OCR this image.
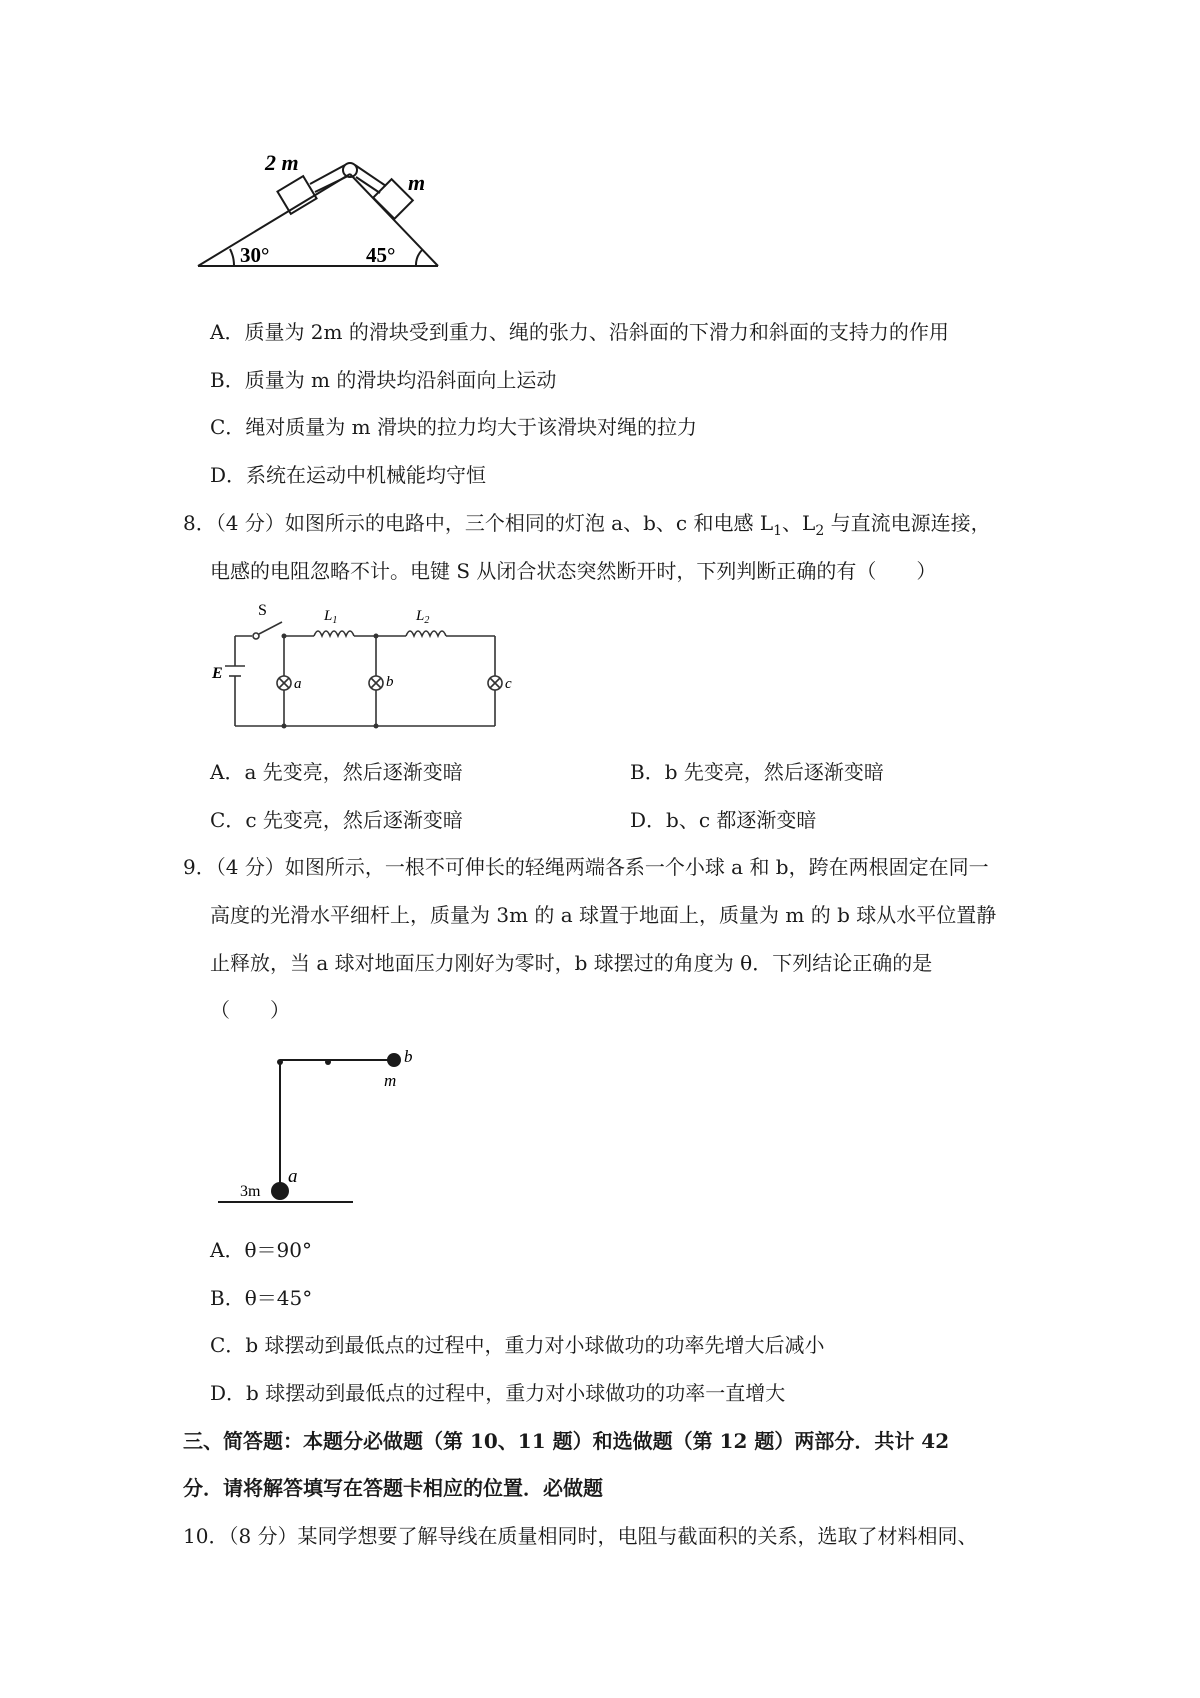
2 m
m
30°	45°
A．质量为 2m 的滑块受到重力、绳的张力、沿斜面的下滑力和斜面的支持力的作用
B．质量为 m 的滑块均沿斜面向上运动
C．绳对质量为 m 滑块的拉力均大于该滑块对绳的拉力
D．系统在运动中机械能均守恒
8．（4 分）如图所示的电路中，三个相同的灯泡 a、b、c 和电感 $L_1$、$L_2$ 与直流电源连接，
电感的电阻忽略不计。电键 S 从闭合状态突然断开时，下列判断正确的有（　　）
S	$L_1$	$L_2$
E
a	b	c
A．a 先变亮，然后逐渐变暗	B．b 先变亮，然后逐渐变暗
C．c 先变亮，然后逐渐变暗	D．b、c 都逐渐变暗
9．（4 分）如图所示，一根不可伸长的轻绳两端各系一个小球 a 和 b，跨在两根固定在同一
高度的光滑水平细杆上，质量为 3m 的 a 球置于地面上，质量为 m 的 b 球从水平位置静
止释放，当 a 球对地面压力刚好为零时，b 球摆过的角度为 θ．下列结论正确的是
（　　）
b
m
a
3m
A．θ＝90°
B．θ＝45°
C．b 球摆动到最低点的过程中，重力对小球做功的功率先增大后减小
D．b 球摆动到最低点的过程中，重力对小球做功的功率一直增大
三、简答题：本题分必做题（第 10、11 题）和选做题（第 12 题）两部分．共计 42
分．请将解答填写在答题卡相应的位置．必做题
10．（8 分）某同学想要了解导线在质量相同时，电阻与截面积的关系，选取了材料相同、
